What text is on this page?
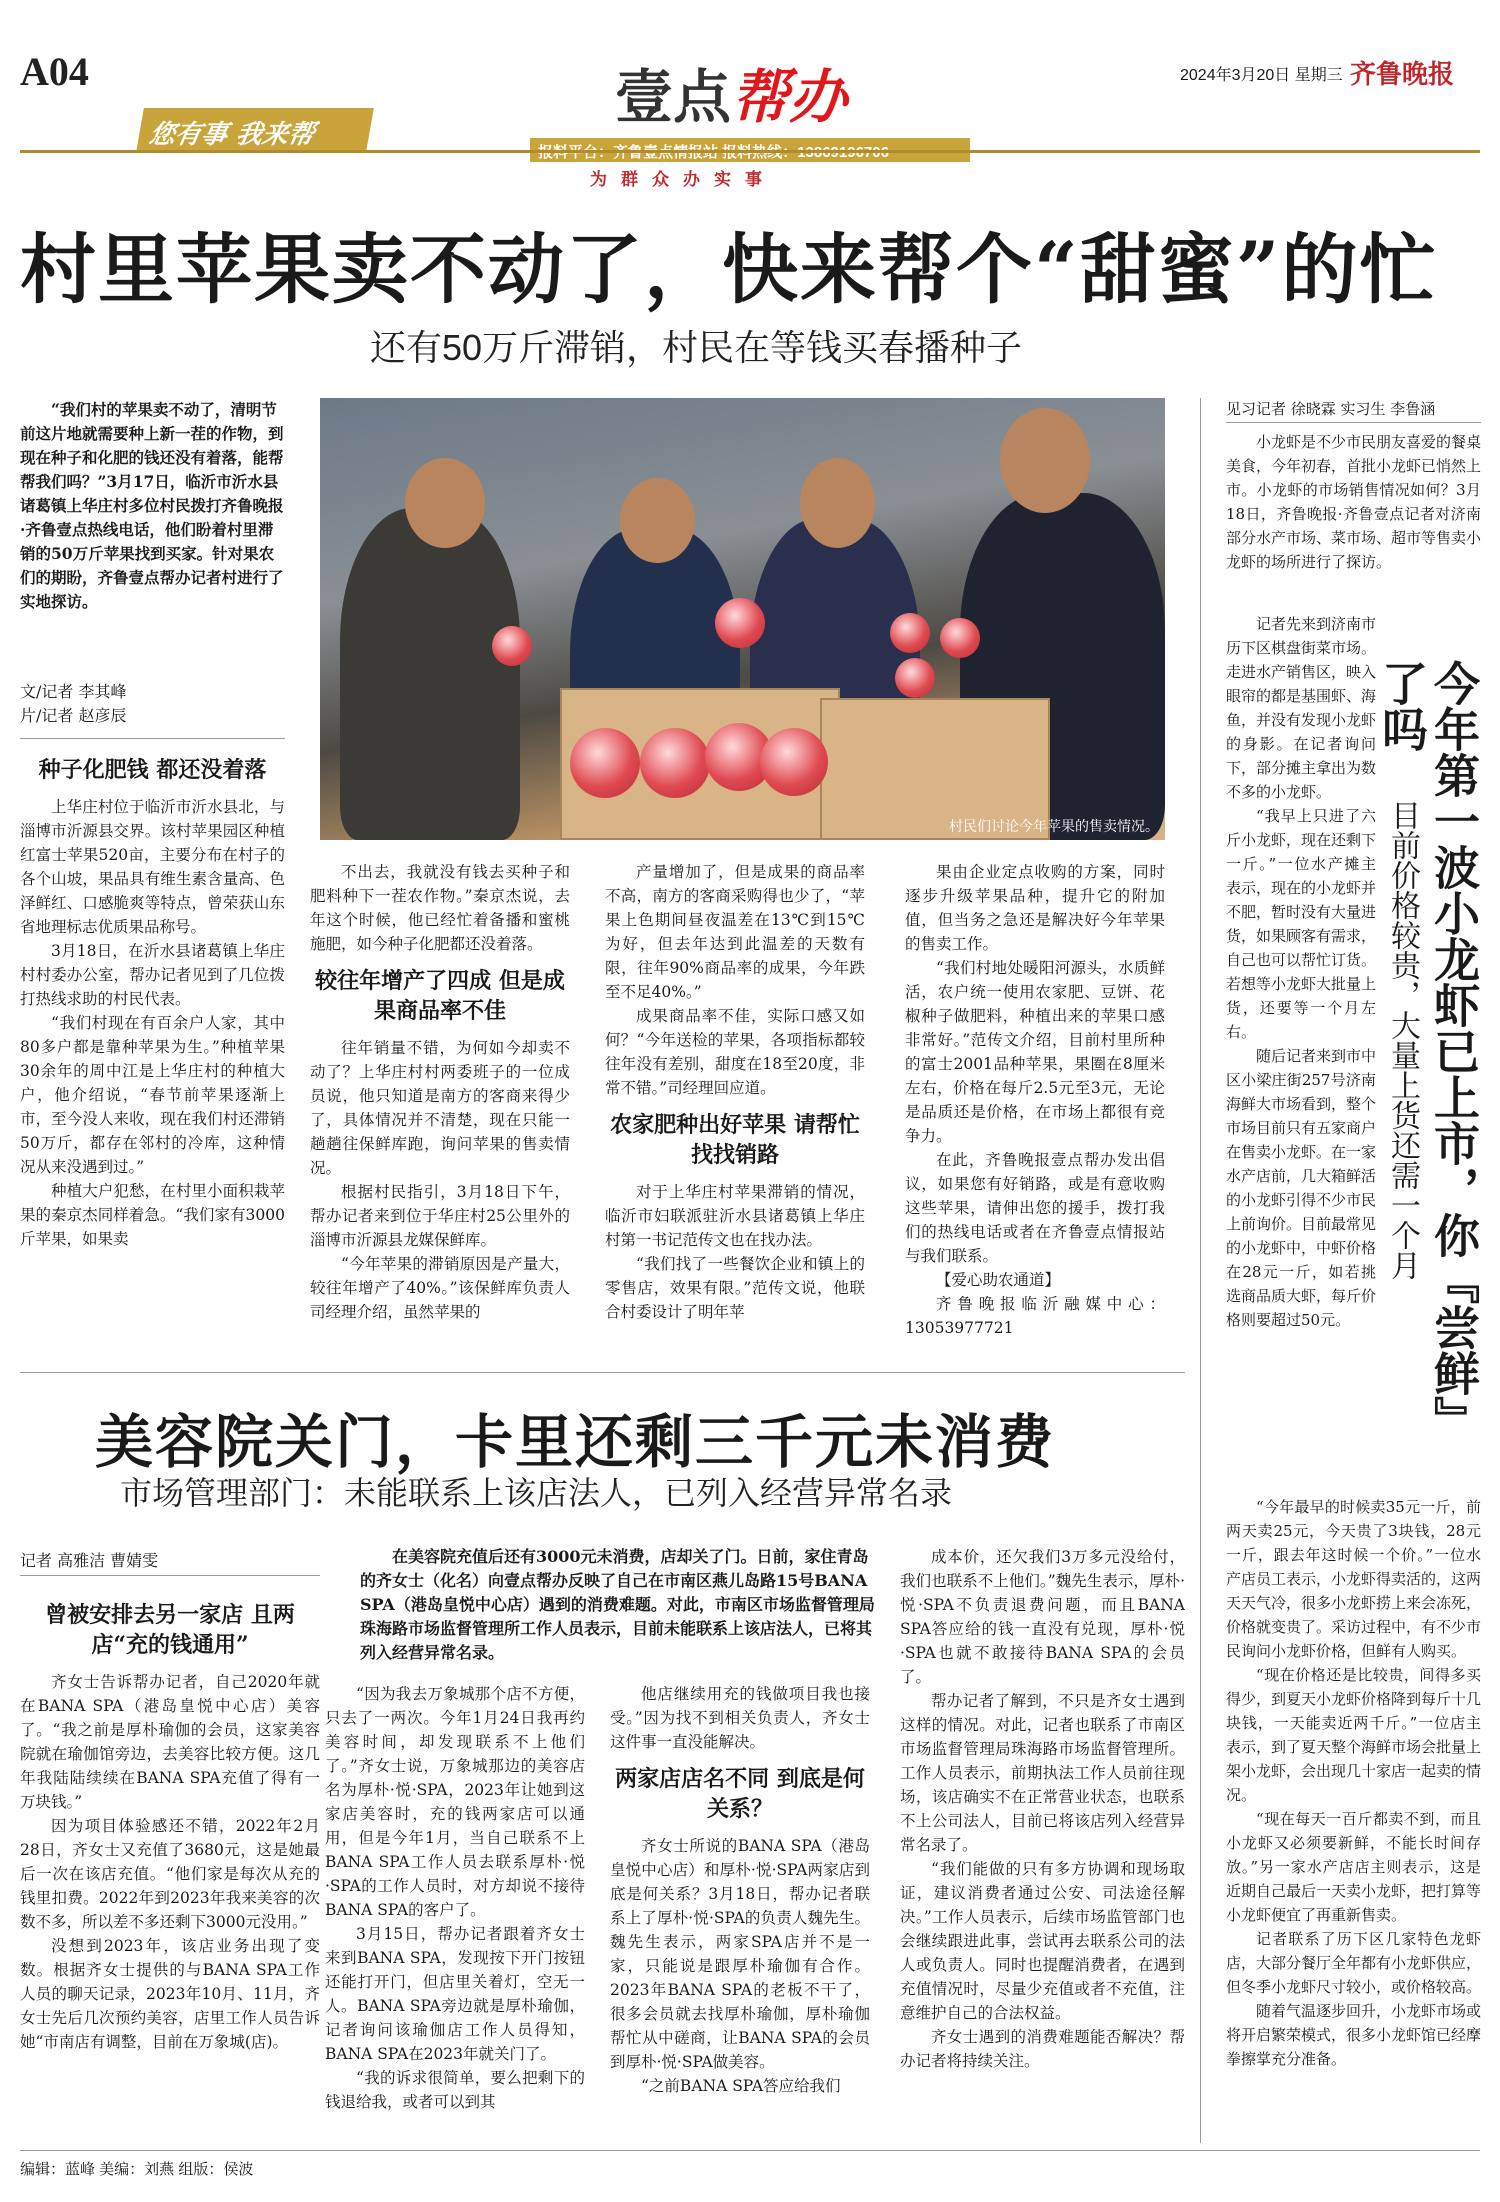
A04
您有事 我来帮
壹点帮办
为群众办实事
2024年3月20日 星期三 齐鲁晚报
村里苹果卖不动了，快来帮个“甜蜜”的忙
还有50万斤滞销，村民在等钱买春播种子
“我们村的苹果卖不动了，清明节前这片地就需要种上新一茬的作物，到现在种子和化肥的钱还没有着落，能帮帮我们吗？”3月17日，临沂市沂水县诸葛镇上华庄村多位村民拨打齐鲁晚报·齐鲁壹点热线电话，他们盼着村里滞销的50万斤苹果找到买家。针对果农们的期盼，齐鲁壹点帮办记者村进行了实地探访。
文/记者 李其峰
片/记者 赵彦辰
村民们讨论今年苹果的售卖情况。
种子化肥钱 都还没着落

上华庄村位于临沂市沂水县北，与淄博市沂源县交界。该村苹果园区种植红富士苹果520亩，主要分布在村子的各个山坡，果品具有维生素含量高、色泽鲜红、口感脆爽等特点，曾荣获山东省地理标志优质果品称号。

3月18日，在沂水县诸葛镇上华庄村村委办公室，帮办记者见到了几位拨打热线求助的村民代表。

“我们村现在有百余户人家，其中80多户都是靠种苹果为生。”种植苹果30余年的周中江是上华庄村的种植大户，他介绍说，“春节前苹果逐渐上市，至今没人来收，现在我们村还滞销50万斤，都存在邻村的冷库，这种情况从来没遇到过。”

种植大户犯愁，在村里小面积栽苹果的秦京杰同样着急。“我们家有3000斤苹果，如果卖

不出去，我就没有钱去买种子和肥料种下一茬农作物。”秦京杰说，去年这个时候，他已经忙着备播和蜜桃施肥，如今种子化肥都还没着落。

较往年增产了四成 但是成果商品率不佳

往年销量不错，为何如今却卖不动了？上华庄村村两委班子的一位成员说，他只知道是南方的客商来得少了，具体情况并不清楚，现在只能一趟趟往保鲜库跑，询问苹果的售卖情况。

根据村民指引，3月18日下午，帮办记者来到位于华庄村25公里外的淄博市沂源县龙媒保鲜库。

“今年苹果的滞销原因是产量大，较往年增产了40%。”该保鲜库负责人司经理介绍，虽然苹果的

产量增加了，但是成果的商品率不高，南方的客商采购得也少了，“苹果上色期间昼夜温差在13℃到15℃为好，但去年达到此温差的天数有限，往年90%商品率的成果，今年跌至不足40%。”

成果商品率不佳，实际口感又如何？“今年送检的苹果，各项指标都较往年没有差别，甜度在18至20度，非常不错。”司经理回应道。

农家肥种出好苹果 请帮忙找找销路

对于上华庄村苹果滞销的情况，临沂市妇联派驻沂水县诸葛镇上华庄村第一书记范传文也在找办法。

“我们找了一些餐饮企业和镇上的零售店，效果有限。”范传文说，他联合村委设计了明年苹

果由企业定点收购的方案，同时逐步升级苹果品种，提升它的附加值，但当务之急还是解决好今年苹果的售卖工作。

“我们村地处暖阳河源头，水质鲜活，农户统一使用农家肥、豆饼、花椒种子做肥料，种植出来的苹果口感非常好。”范传文介绍，目前村里所种的富士2001品种苹果，果圈在8厘米左右，价格在每斤2.5元至3元，无论是品质还是价格，在市场上都很有竞争力。

在此，齐鲁晚报壹点帮办发出倡议，如果您有好销路，或是有意收购这些苹果，请伸出您的援手，拨打我们的热线电话或者在齐鲁壹点情报站与我们联系。

【爱心助农通道】

齐鲁晚报临沂融媒中心：13053977721

美容院关门，卡里还剩三千元未消费
市场管理部门：未能联系上该店法人，已列入经营异常名录
记者 高雅洁 曹婧雯	在美容院充值后还有3000元未消费，店却关了门。日前，家住青岛的齐女士（化名）向壹点帮办反映了自己在市南区燕儿岛路15号BANA SPA（港岛皇悦中心店）遇到的消费难题。对此，市南区市场监督管理局珠海路市场监督管理所工作人员表示，目前未能联系上该店法人，已将其列入经营异常名录。
曾被安排去另一家店 且两店“充的钱通用”

齐女士告诉帮办记者，自己2020年就在BANA SPA（港岛皇悦中心店）美容了。“我之前是厚朴瑜伽的会员，这家美容院就在瑜伽馆旁边，去美容比较方便。这几年我陆陆续续在BANA SPA充值了得有一万块钱。”

因为项目体验感还不错，2022年2月28日，齐女士又充值了3680元，这是她最后一次在该店充值。“他们家是每次从充的钱里扣费。2022年到2023年我来美容的次数不多，所以差不多还剩下3000元没用。”

没想到2023年，该店业务出现了变数。根据齐女士提供的与BANA SPA工作人员的聊天记录，2023年10月、11月，齐女士先后几次预约美容，店里工作人员告诉她“市南店有调整，目前在万象城(店)。

“因为我去万象城那个店不方便，只去了一两次。今年1月24日我再约美容时间，却发现联系不上他们了。”齐女士说，万象城那边的美容店名为厚朴·悦·SPA，2023年让她到这家店美容时，充的钱两家店可以通用，但是今年1月，当自己联系不上BANA SPA工作人员去联系厚朴·悦·SPA的工作人员时，对方却说不接待BANA SPA的客户了。

3月15日，帮办记者跟着齐女士来到BANA SPA，发现按下开门按钮还能打开门，但店里关着灯，空无一人。BANA SPA旁边就是厚朴瑜伽，记者询问该瑜伽店工作人员得知，BANA SPA在2023年就关门了。

“我的诉求很简单，要么把剩下的钱退给我，或者可以到其

他店继续用充的钱做项目我也接受。”因为找不到相关负责人，齐女士这件事一直没能解决。

两家店店名不同 到底是何关系？

齐女士所说的BANA SPA（港岛皇悦中心店）和厚朴·悦·SPA两家店到底是何关系？3月18日，帮办记者联系上了厚朴·悦·SPA的负责人魏先生。魏先生表示，两家SPA店并不是一家，只能说是跟厚朴瑜伽有合作。2023年BANA SPA的老板不干了，很多会员就去找厚朴瑜伽，厚朴瑜伽帮忙从中磋商，让BANA SPA的会员到厚朴·悦·SPA做美容。

“之前BANA SPA答应给我们

成本价，还欠我们3万多元没给付，我们也联系不上他们。”魏先生表示，厚朴·悦·SPA不负责退费问题，而且BANA SPA答应给的钱一直没有兑现，厚朴·悦·SPA也就不敢接待BANA SPA的会员了。

帮办记者了解到，不只是齐女士遇到这样的情况。对此，记者也联系了市南区市场监督管理局珠海路市场监督管理所。工作人员表示，前期执法工作人员前往现场，该店确实不在正常营业状态，也联系不上公司法人，目前已将该店列入经营异常名录了。

“我们能做的只有多方协调和现场取证，建议消费者通过公安、司法途径解决。”工作人员表示，后续市场监管部门也会继续跟进此事，尝试再去联系公司的法人或负责人。同时也提醒消费者，在遇到充值情况时，尽量少充值或者不充值，注意维护自己的合法权益。

齐女士遇到的消费难题能否解决？帮办记者将持续关注。

见习记者 徐晓霖 实习生 李鲁涵

小龙虾是不少市民朋友喜爱的餐桌美食，今年初春，首批小龙虾已悄然上市。小龙虾的市场销售情况如何？3月18日，齐鲁晚报·齐鲁壹点记者对济南部分水产市场、菜市场、超市等售卖小龙虾的场所进行了探访。

记者先来到济南市历下区棋盘街菜市场。走进水产销售区，映入眼帘的都是基围虾、海鱼，并没有发现小龙虾的身影。在记者询问下，部分摊主拿出为数不多的小龙虾。

“我早上只进了六斤小龙虾，现在还剩下一斤。”一位水产摊主表示，现在的小龙虾并不肥，暂时没有大量进货，如果顾客有需求，自己也可以帮忙订货。若想等小龙虾大批量上货，还要等一个月左右。

随后记者来到市中区小梁庄街257号济南海鲜大市场看到，整个市场目前只有五家商户在售卖小龙虾。在一家水产店前，几大箱鲜活的小龙虾引得不少市民上前询价。目前最常见的小龙虾中，中虾价格在28元一斤，如若挑选商品质大虾，每斤价格则要超过50元。

目前价格较贵，大量上货还需一个月 今年第一波小龙虾已上市，你『尝鲜』了吗

“今年最早的时候卖35元一斤，前两天卖25元，今天贵了3块钱，28元一斤，跟去年这时候一个价。”一位水产店员工表示，小龙虾得卖活的，这两天天气冷，很多小龙虾捞上来会冻死，价格就变贵了。采访过程中，有不少市民询问小龙虾价格，但鲜有人购买。

“现在价格还是比较贵，间得多买得少，到夏天小龙虾价格降到每斤十几块钱，一天能卖近两千斤。”一位店主表示，到了夏天整个海鲜市场会批量上架小龙虾，会出现几十家店一起卖的情况。

“现在每天一百斤都卖不到，而且小龙虾又必须要新鲜，不能长时间存放。”另一家水产店店主则表示，这是近期自己最后一天卖小龙虾，把打算等小龙虾便宜了再重新售卖。

记者联系了历下区几家特色龙虾店，大部分餐厅全年都有小龙虾供应，但冬季小龙虾尺寸较小，或价格较高。

随着气温逐步回升，小龙虾市场或将开启繁荣模式，很多小龙虾馆已经摩拳擦掌充分准备。

编辑：蓝峰 美编：刘燕 组版：侯波
